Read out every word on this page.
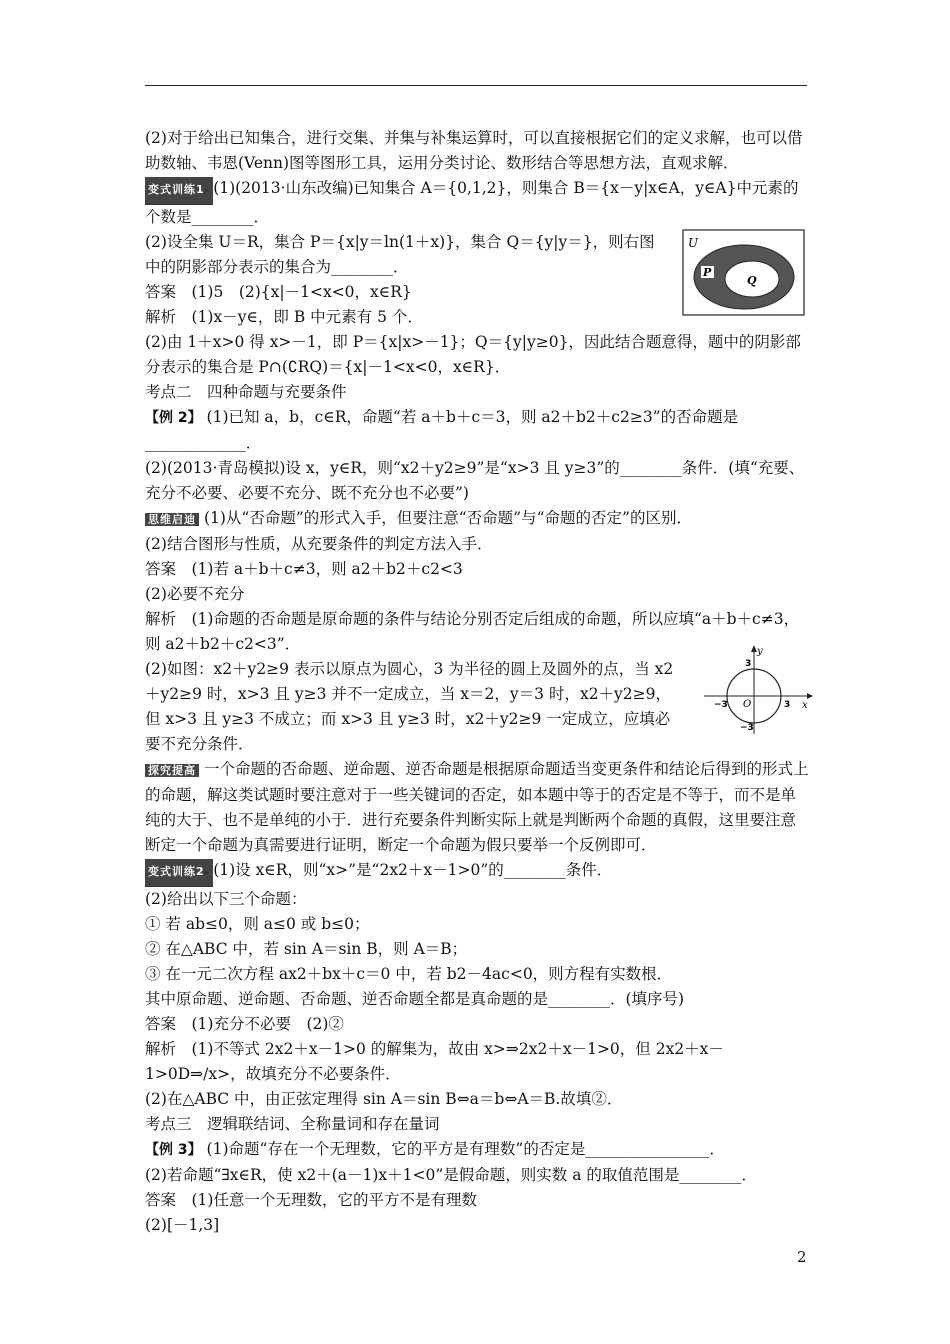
(2)对于给出已知集合，进行交集、并集与补集运算时，可以直接根据它们的定义求解，也可以借助数轴、韦恩(Venn)图等图形工具，运用分类讨论、数形结合等思想方法，直观求解．

变式训练1 ▸ (1)(2013·山东改编)已知集合 A＝{0,1,2}，则集合 B＝{x－y|x∈A，y∈A}中元素的个数是________．

(2)设全集 U＝R，集合 P＝{x|y＝ln(1＋x)}，集合 Q＝{y|y＝}，则右图中的阴影部分表示的集合为________．

答案　(1)5　(2){x|－1<x<0，x∈R}

解析　(1)x－y∈，即 B 中元素有 5 个．

(2)由 1＋x>0 得 x>－1，即 P＝{x|x>－1}；Q＝{y|y≥0}，因此结合题意得，题中的阴影部分表示的集合是 P∩(∁RQ)＝{x|－1<x<0，x∈R}．

考点二　四种命题与充要条件

【例 2】 (1)已知 a，b，c∈R，命题“若 a＋b＋c＝3，则 a2＋b2＋c2≥3”的否命题是_____________．

(2)(2013·青岛模拟)设 x，y∈R，则“x2＋y2≥9”是“x>3 且 y≥3”的________条件．(填“充要、充分不必要、必要不充分、既不充分也不必要”)

思维启迪 (1)从“否命题”的形式入手，但要注意“否命题”与“命题的否定”的区别．

(2)结合图形与性质，从充要条件的判定方法入手．

答案　(1)若 a＋b＋c≠3，则 a2＋b2＋c2<3

(2)必要不充分

解析　(1)命题的否命题是原命题的条件与结论分别否定后组成的命题，所以应填“a＋b＋c≠3，则 a2＋b2＋c2<3”．

(2)如图：x2＋y2≥9 表示以原点为圆心，3 为半径的圆上及圆外的点，当 x2＋y2≥9 时，x>3 且 y≥3 并不一定成立，当 x＝2，y＝3 时，x2＋y2≥9，但 x>3 且 y≥3 不成立；而 x>3 且 y≥3 时，x2＋y2≥9 一定成立，应填必要不充分条件．

探究提高 一个命题的否命题、逆命题、逆否命题是根据原命题适当变更条件和结论后得到的形式上的命题，解这类试题时要注意对于一些关键词的否定，如本题中等于的否定是不等于，而不是单纯的大于、也不是单纯的小于．进行充要条件判断实际上就是判断两个命题的真假，这里要注意断定一个命题为真需要进行证明，断定一个命题为假只要举一个反例即可．

变式训练2 ▸ (1)设 x∈R，则“x>”是“2x2＋x－1>0”的________条件．

(2)给出以下三个命题：

① 若 ab≤0，则 a≤0 或 b≤0；

② 在△ABC 中，若 sin A＝sin B，则 A＝B；

③ 在一元二次方程 ax2＋bx＋c＝0 中，若 b2－4ac<0，则方程有实数根．

其中原命题、逆命题、否命题、逆否命题全都是真命题的是________．(填序号)

答案　(1)充分不必要　(2)②

解析　(1)不等式 2x2＋x－1>0 的解集为，故由 x>⇒2x2＋x－1>0，但 2x2＋x－1>0D⇒/x>，故填充分不必要条件．

(2)在△ABC 中，由正弦定理得 sin A＝sin B⇔a＝b⇔A＝B.故填②．

考点三　逻辑联结词、全称量词和存在量词

【例 3】 (1)命题“存在一个无理数，它的平方是有理数”的否定是________________．

(2)若命题“∃x∈R，使 x2＋(a－1)x＋1<0”是假命题，则实数 a 的取值范围是________．

答案　(1)任意一个无理数，它的平方不是有理数

(2)[－1,3]

U
P
Q
y
x
O	3
−3
3
−3
2
